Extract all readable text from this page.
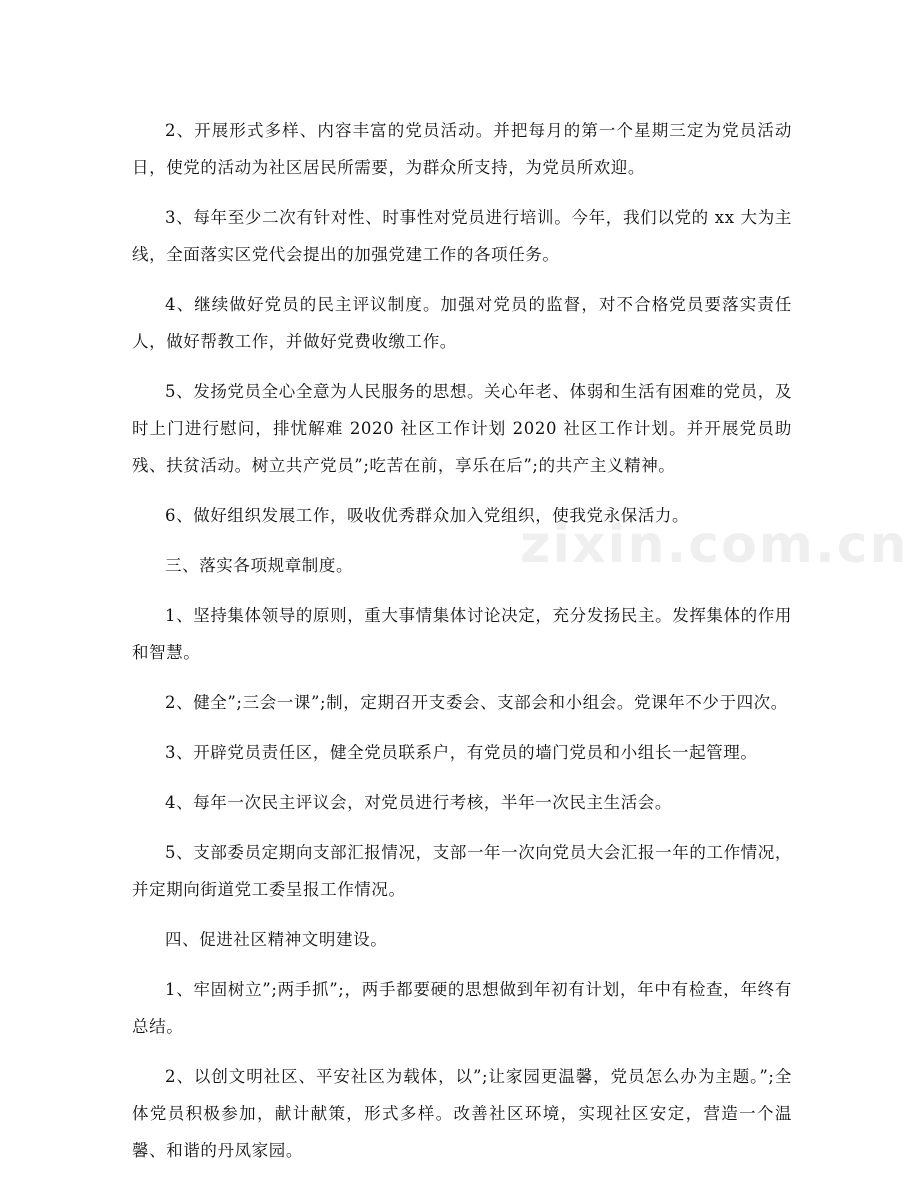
zixin.com.cn

2、开展形式多样、内容丰富的党员活动。并把每月的第一个星期三定为党员活动日，使党的活动为社区居民所需要，为群众所支持，为党员所欢迎。

3、每年至少二次有针对性、时事性对党员进行培训。今年，我们以党的 xx 大为主线，全面落实区党代会提出的加强党建工作的各项任务。

4、继续做好党员的民主评议制度。加强对党员的监督，对不合格党员要落实责任人，做好帮教工作，并做好党费收缴工作。

5、发扬党员全心全意为人民服务的思想。关心年老、体弱和生活有困难的党员，及时上门进行慰问，排忧解难 2020 社区工作计划 2020 社区工作计划。并开展党员助残、扶贫活动。树立共产党员”;吃苦在前，享乐在后”;的共产主义精神。

6、做好组织发展工作，吸收优秀群众加入党组织，使我党永保活力。

三、落实各项规章制度。

1、坚持集体领导的原则，重大事情集体讨论决定，充分发扬民主。发挥集体的作用和智慧。

2、健全”;三会一课”;制，定期召开支委会、支部会和小组会。党课年不少于四次。

3、开辟党员责任区，健全党员联系户，有党员的墙门党员和小组长一起管理。

4、每年一次民主评议会，对党员进行考核，半年一次民主生活会。

5、支部委员定期向支部汇报情况，支部一年一次向党员大会汇报一年的工作情况，并定期向街道党工委呈报工作情况。

四、促进社区精神文明建设。

1、牢固树立”;两手抓”;，两手都要硬的思想做到年初有计划，年中有检查，年终有总结。

2、以创文明社区、平安社区为载体，以”;让家园更温馨，党员怎么办为主题。”;全体党员积极参加，献计献策，形式多样。改善社区环境，实现社区安定，营造一个温馨、和谐的丹凤家园。
